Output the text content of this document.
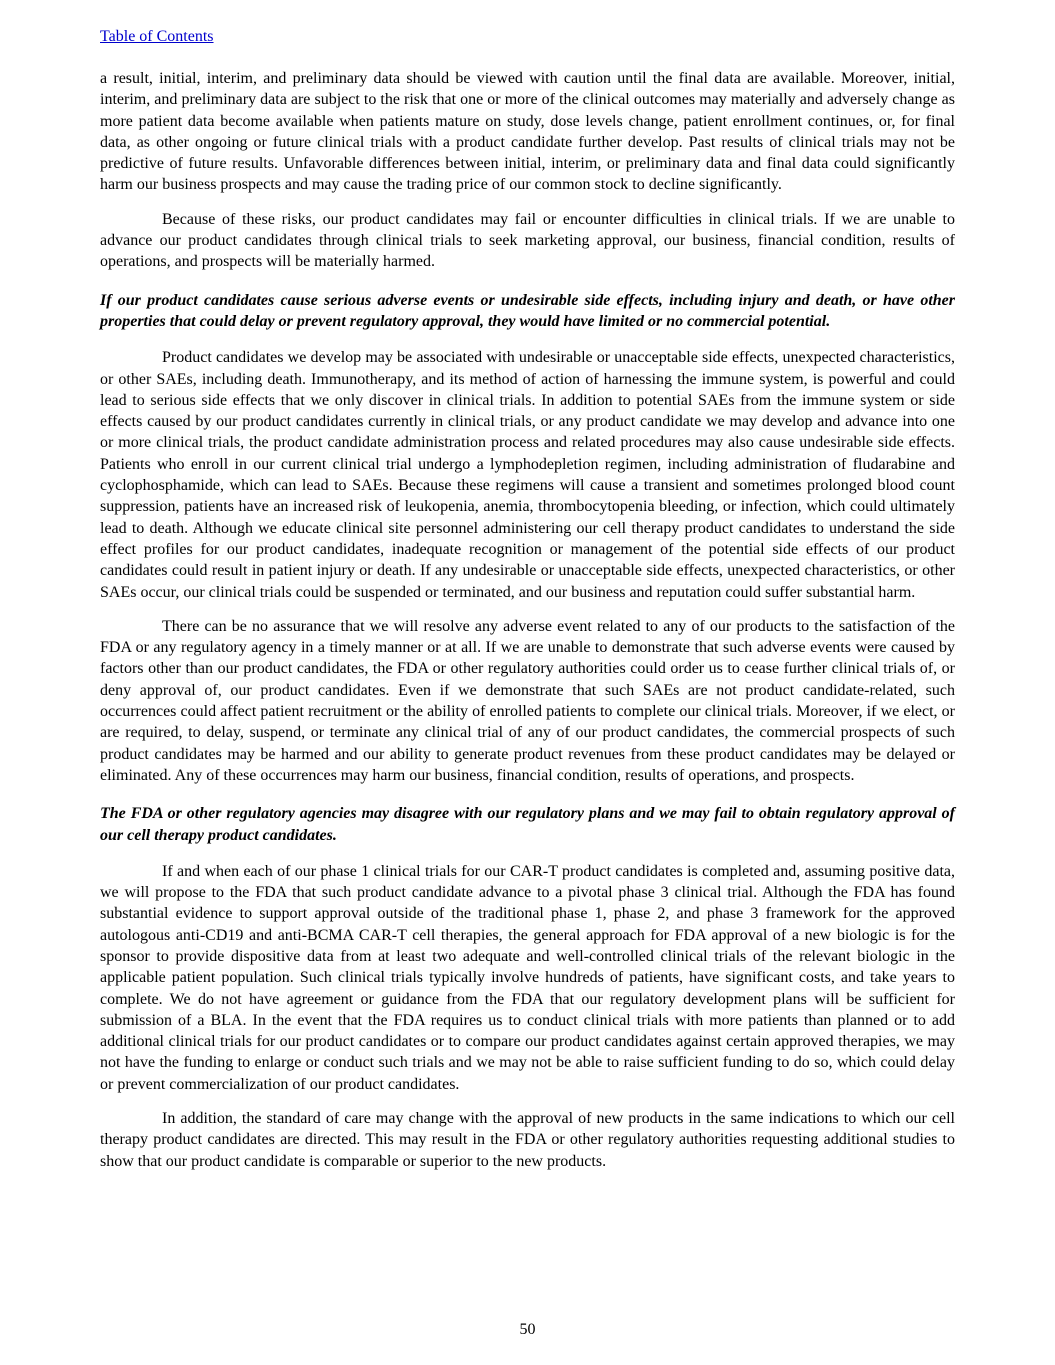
Table of Contents

a result, initial, interim, and preliminary data should be viewed with caution until the final data are available. Moreover, initial, interim, and preliminary data are subject to the risk that one or more of the clinical outcomes may materially and adversely change as more patient data become available when patients mature on study, dose levels change, patient enrollment continues, or, for final data, as other ongoing or future clinical trials with a product candidate further develop. Past results of clinical trials may not be predictive of future results. Unfavorable differences between initial, interim, or preliminary data and final data could significantly harm our business prospects and may cause the trading price of our common stock to decline significantly.

Because of these risks, our product candidates may fail or encounter difficulties in clinical trials. If we are unable to advance our product candidates through clinical trials to seek marketing approval, our business, financial condition, results of operations, and prospects will be materially harmed.

If our product candidates cause serious adverse events or undesirable side effects, including injury and death, or have other properties that could delay or prevent regulatory approval, they would have limited or no commercial potential.

Product candidates we develop may be associated with undesirable or unacceptable side effects, unexpected characteristics, or other SAEs, including death. Immunotherapy, and its method of action of harnessing the immune system, is powerful and could lead to serious side effects that we only discover in clinical trials. In addition to potential SAEs from the immune system or side effects caused by our product candidates currently in clinical trials, or any product candidate we may develop and advance into one or more clinical trials, the product candidate administration process and related procedures may also cause undesirable side effects. Patients who enroll in our current clinical trial undergo a lymphodepletion regimen, including administration of fludarabine and cyclophosphamide, which can lead to SAEs. Because these regimens will cause a transient and sometimes prolonged blood count suppression, patients have an increased risk of leukopenia, anemia, thrombocytopenia bleeding, or infection, which could ultimately lead to death. Although we educate clinical site personnel administering our cell therapy product candidates to understand the side effect profiles for our product candidates, inadequate recognition or management of the potential side effects of our product candidates could result in patient injury or death. If any undesirable or unacceptable side effects, unexpected characteristics, or other SAEs occur, our clinical trials could be suspended or terminated, and our business and reputation could suffer substantial harm.

There can be no assurance that we will resolve any adverse event related to any of our products to the satisfaction of the FDA or any regulatory agency in a timely manner or at all. If we are unable to demonstrate that such adverse events were caused by factors other than our product candidates, the FDA or other regulatory authorities could order us to cease further clinical trials of, or deny approval of, our product candidates. Even if we demonstrate that such SAEs are not product candidate-related, such occurrences could affect patient recruitment or the ability of enrolled patients to complete our clinical trials. Moreover, if we elect, or are required, to delay, suspend, or terminate any clinical trial of any of our product candidates, the commercial prospects of such product candidates may be harmed and our ability to generate product revenues from these product candidates may be delayed or eliminated. Any of these occurrences may harm our business, financial condition, results of operations, and prospects.

The FDA or other regulatory agencies may disagree with our regulatory plans and we may fail to obtain regulatory approval of our cell therapy product candidates.

If and when each of our phase 1 clinical trials for our CAR-T product candidates is completed and, assuming positive data, we will propose to the FDA that such product candidate advance to a pivotal phase 3 clinical trial. Although the FDA has found substantial evidence to support approval outside of the traditional phase 1, phase 2, and phase 3 framework for the approved autologous anti-CD19 and anti-BCMA CAR-T cell therapies, the general approach for FDA approval of a new biologic is for the sponsor to provide dispositive data from at least two adequate and well-controlled clinical trials of the relevant biologic in the applicable patient population. Such clinical trials typically involve hundreds of patients, have significant costs, and take years to complete. We do not have agreement or guidance from the FDA that our regulatory development plans will be sufficient for submission of a BLA. In the event that the FDA requires us to conduct clinical trials with more patients than planned or to add additional clinical trials for our product candidates or to compare our product candidates against certain approved therapies, we may not have the funding to enlarge or conduct such trials and we may not be able to raise sufficient funding to do so, which could delay or prevent commercialization of our product candidates.

In addition, the standard of care may change with the approval of new products in the same indications to which our cell therapy product candidates are directed. This may result in the FDA or other regulatory authorities requesting additional studies to show that our product candidate is comparable or superior to the new products.

50
